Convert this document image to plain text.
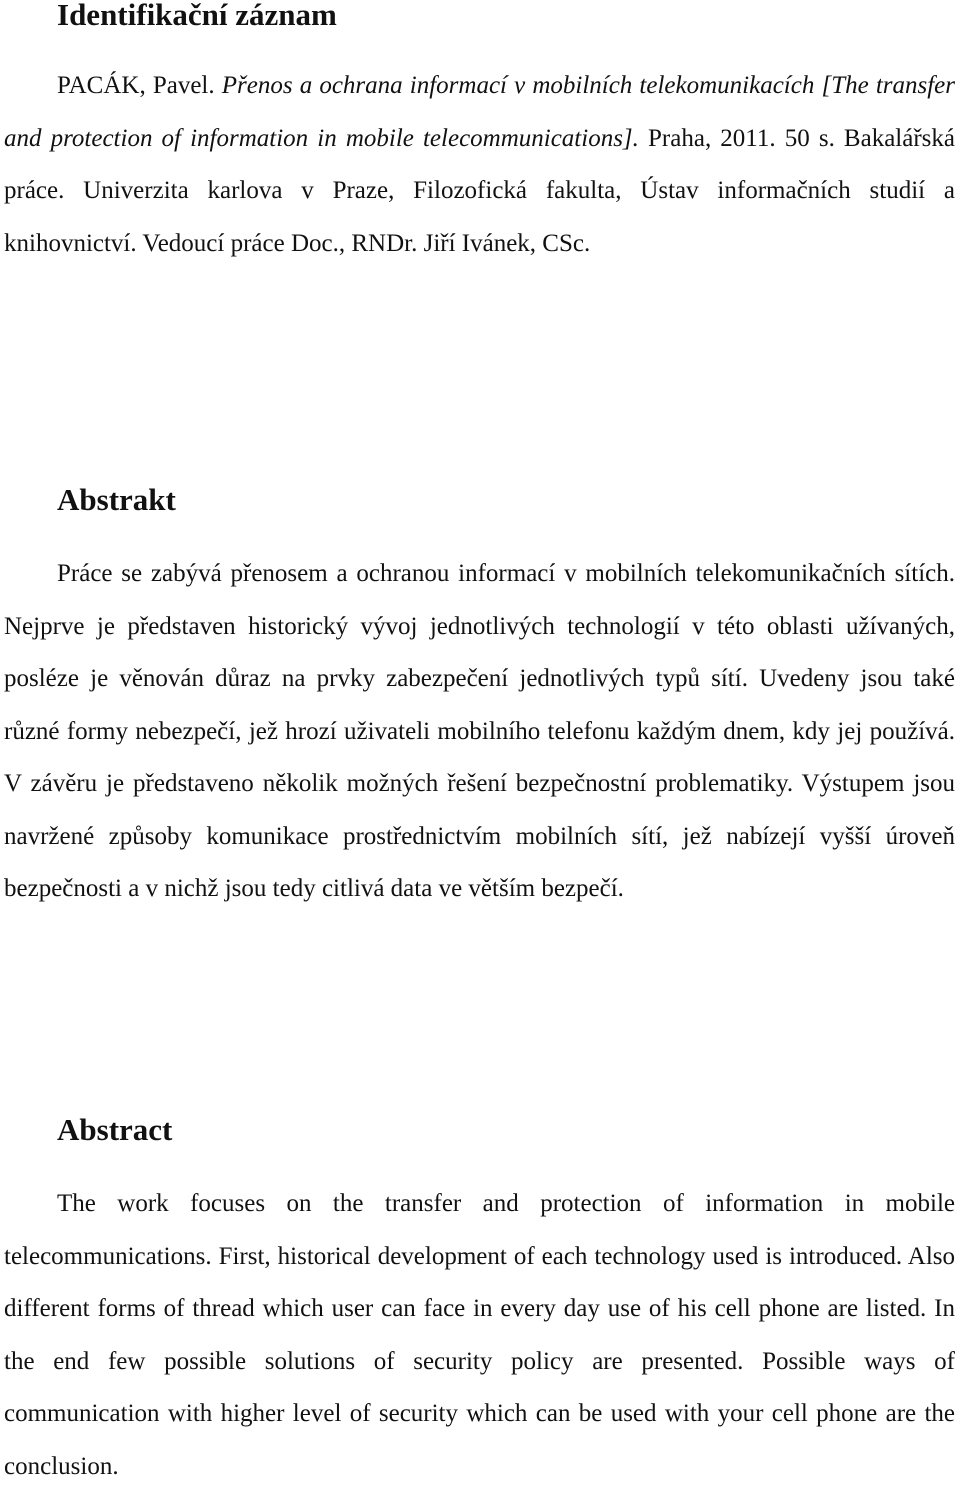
Identifikační záznam

PACÁK, Pavel. Přenos a ochrana informací v mobilních telekomunikacích [The transfer and protection of information in mobile telecommunications]. Praha, 2011. 50 s. Bakalářská práce. Univerzita karlova v Praze, Filozofická fakulta, Ústav informačních studií a knihovnictví. Vedoucí práce Doc., RNDr. Jiří Ivánek, CSc.

Abstrakt

Práce se zabývá přenosem a ochranou informací v mobilních telekomunikačních sítích. Nejprve je představen historický vývoj jednotlivých technologií v této oblasti užívaných, posléze je věnován důraz na prvky zabezpečení jednotlivých typů sítí. Uvedeny jsou také různé formy nebezpečí, jež hrozí uživateli mobilního telefonu každým dnem, kdy jej používá. V závěru je představeno několik možných řešení bezpečnostní problematiky. Výstupem jsou navržené způsoby komunikace prostřednictvím mobilních sítí, jež nabízejí vyšší úroveň bezpečnosti a v nichž jsou tedy citlivá data ve větším bezpečí.

Abstract

The work focuses on the transfer and protection of information in mobile telecommunications. First, historical development of each technology used is introduced. Also different forms of thread which user can face in every day use of his cell phone are listed. In the end few possible solutions of security policy are presented. Possible ways of communication with higher level of security which can be used with your cell phone are the conclusion.
